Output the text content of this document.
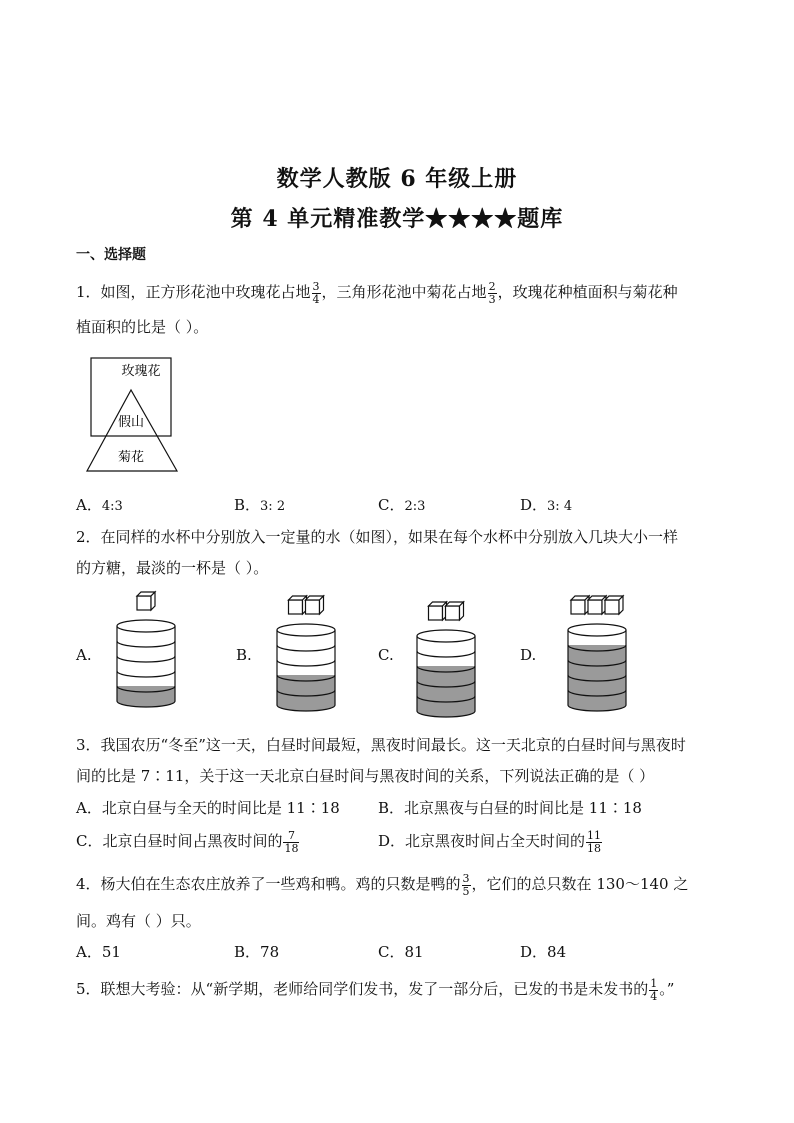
数学人教版 6 年级上册
第 4 单元精准教学★★★★题库
一、选择题
1．如图，正方形花池中玫瑰花占地 $\frac{3}{4}$ ，三角形花池中菊花占地 $\frac{2}{3}$ ，玫瑰花种植面积与菊花种
植面积的比是（ ）。
玫瑰花
假山
菊花
A．4:3	B．3: 2	C．2:3	D．3: 4
2．在同样的水杯中分别放入一定量的水（如图），如果在每个水杯中分别放入几块大小一样
的方糖，最淡的一杯是（ ）。
A.	B.	C.	D.
3．我国农历“冬至”这一天，白昼时间最短，黑夜时间最长。这一天北京的白昼时间与黑夜时
间的比是 7∶11，关于这一天北京白昼时间与黑夜时间的关系，下列说法正确的是（ ）
A．北京白昼与全天的时间比是 11∶18	B．北京黑夜与白昼的时间比是 11∶18
C．北京白昼时间占黑夜时间的 $\frac{7}{18}$	D．北京黑夜时间占全天时间的 $\frac{11}{18}$
4．杨大伯在生态农庄放养了一些鸡和鸭。鸡的只数是鸭的 $\frac{3}{5}$ ，它们的总只数在 130～140 之
间。鸡有（ ）只。
A．51	B．78	C．81	D．84
5．联想大考验：从“新学期，老师给同学们发书，发了一部分后，已发的书是未发书的 $\frac{1}{4}$ 。”
